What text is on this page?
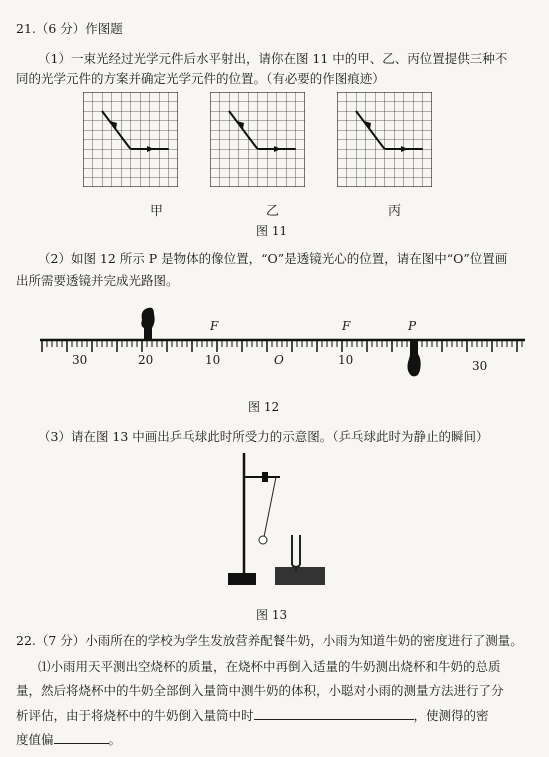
21.（6 分）作图题
（1）一束光经过光学元件后水平射出，请你在图 11 中的甲、乙、丙位置提供三种不
同的光学元件的方案并确定光学元件的位置。（有必要的作图痕迹）
甲	乙	丙
图 11
（2）如图 12 所示 P 是物体的像位置，“O”是透镜光心的位置，请在图中“O”位置画
出所需要透镜并完成光路图。
30	20	10	O	10	30
F	F	P
图 12
（3）请在图 13 中画出乒乓球此时所受力的示意图。（乒乓球此时为静止的瞬间）
图 13
22.（7 分）小雨所在的学校为学生发放营养配餐牛奶，小雨为知道牛奶的密度进行了测量。
⑴小雨用天平测出空烧杯的质量，在烧杯中再倒入适量的牛奶测出烧杯和牛奶的总质
量，然后将烧杯中的牛奶全部倒入量筒中测牛奶的体积，小聪对小雨的测量方法进行了分
析评估，由于将烧杯中的牛奶倒入量筒中时	，使测得的密
度值偏	。
